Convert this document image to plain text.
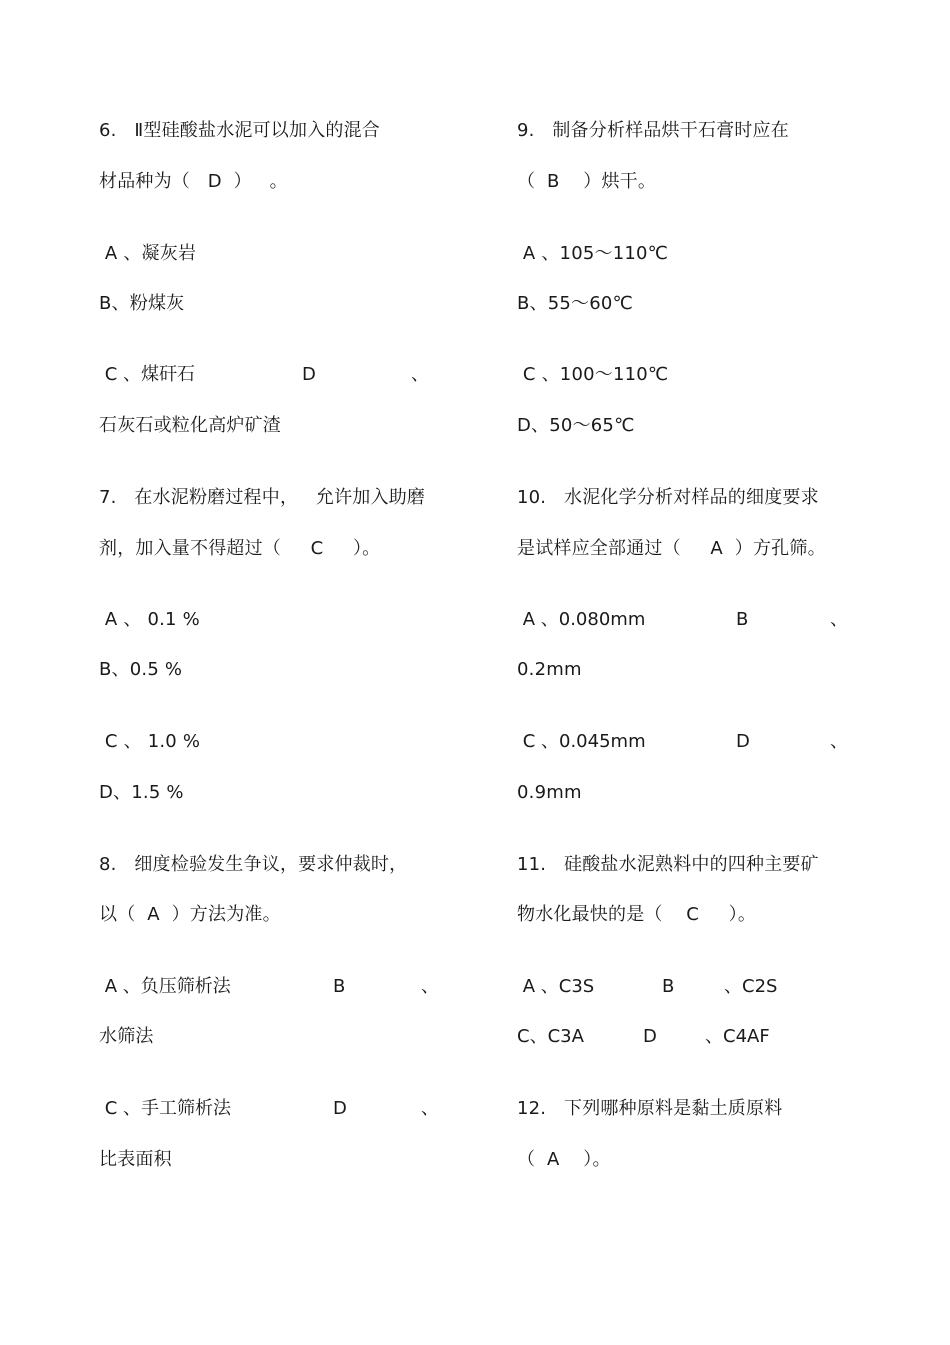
6.   Ⅱ型硅酸盐水泥可以加入的混合
材品种为（   D  ）   。
A 、凝灰岩
B、粉煤灰
C 、煤矸石	D	、
石灰石或粒化高炉矿渣
7.   在水泥粉磨过程中，   允许加入助磨
剂，加入量不得超过（     C     ）。
A 、 0.1 %
B、0.5 %
C 、 1.0 %
D、1.5 %
8.   细度检验发生争议，要求仲裁时，
以（  A  ）方法为准。
A 、负压筛析法	B	、
水筛法
C 、手工筛析法	D	、
比表面积
9.   制备分析样品烘干石膏时应在
（  B    ）烘干。
A 、105～110℃
B、55～60℃
C 、100～110℃
D、50～65℃
10.   水泥化学分析对样品的细度要求
是试样应全部通过（     A  ）方孔筛。
A 、0.080mm	B	、
0.2mm
C 、0.045mm	D	、
0.9mm
11.   硅酸盐水泥熟料中的四种主要矿
物水化最快的是（    C     ）。
A 、C3S	B	、C2S
C、C3A	D	、C4AF
12.   下列哪种原料是黏土质原料
（  A    ）。
